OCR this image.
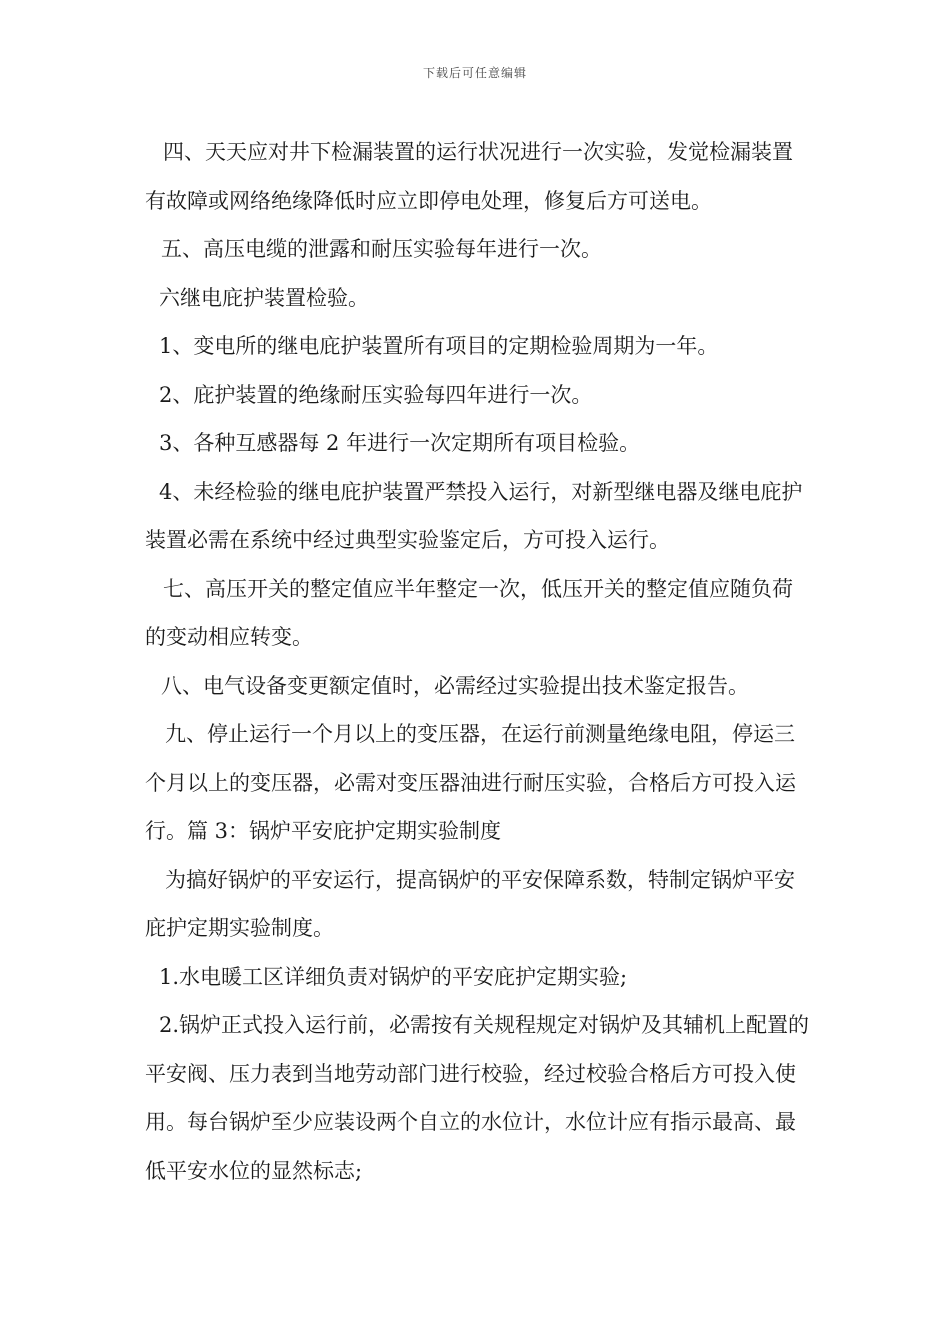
下载后可任意编辑

四、天天应对井下检漏装置的运行状况进行一次实验，发觉检漏装置有故障或网络绝缘降低时应立即停电处理，修复后方可送电。

五、高压电缆的泄露和耐压实验每年进行一次。

六继电庇护装置检验。

1、变电所的继电庇护装置所有项目的定期检验周期为一年。

2、庇护装置的绝缘耐压实验每四年进行一次。

3、各种互感器每 2 年进行一次定期所有项目检验。

4、未经检验的继电庇护装置严禁投入运行，对新型继电器及继电庇护装置必需在系统中经过典型实验鉴定后，方可投入运行。

七、高压开关的整定值应半年整定一次，低压开关的整定值应随负荷的变动相应转变。

八、电气设备变更额定值时，必需经过实验提出技术鉴定报告。

九、停止运行一个月以上的变压器，在运行前测量绝缘电阻，停运三个月以上的变压器，必需对变压器油进行耐压实验，合格后方可投入运行。篇 3：锅炉平安庇护定期实验制度

为搞好锅炉的平安运行，提高锅炉的平安保障系数，特制定锅炉平安庇护定期实验制度。

1.水电暖工区详细负责对锅炉的平安庇护定期实验;

2.锅炉正式投入运行前，必需按有关规程规定对锅炉及其辅机上配置的平安阀、压力表到当地劳动部门进行校验，经过校验合格后方可投入使用。每台锅炉至少应装设两个自立的水位计，水位计应有指示最高、最低平安水位的显然标志;
